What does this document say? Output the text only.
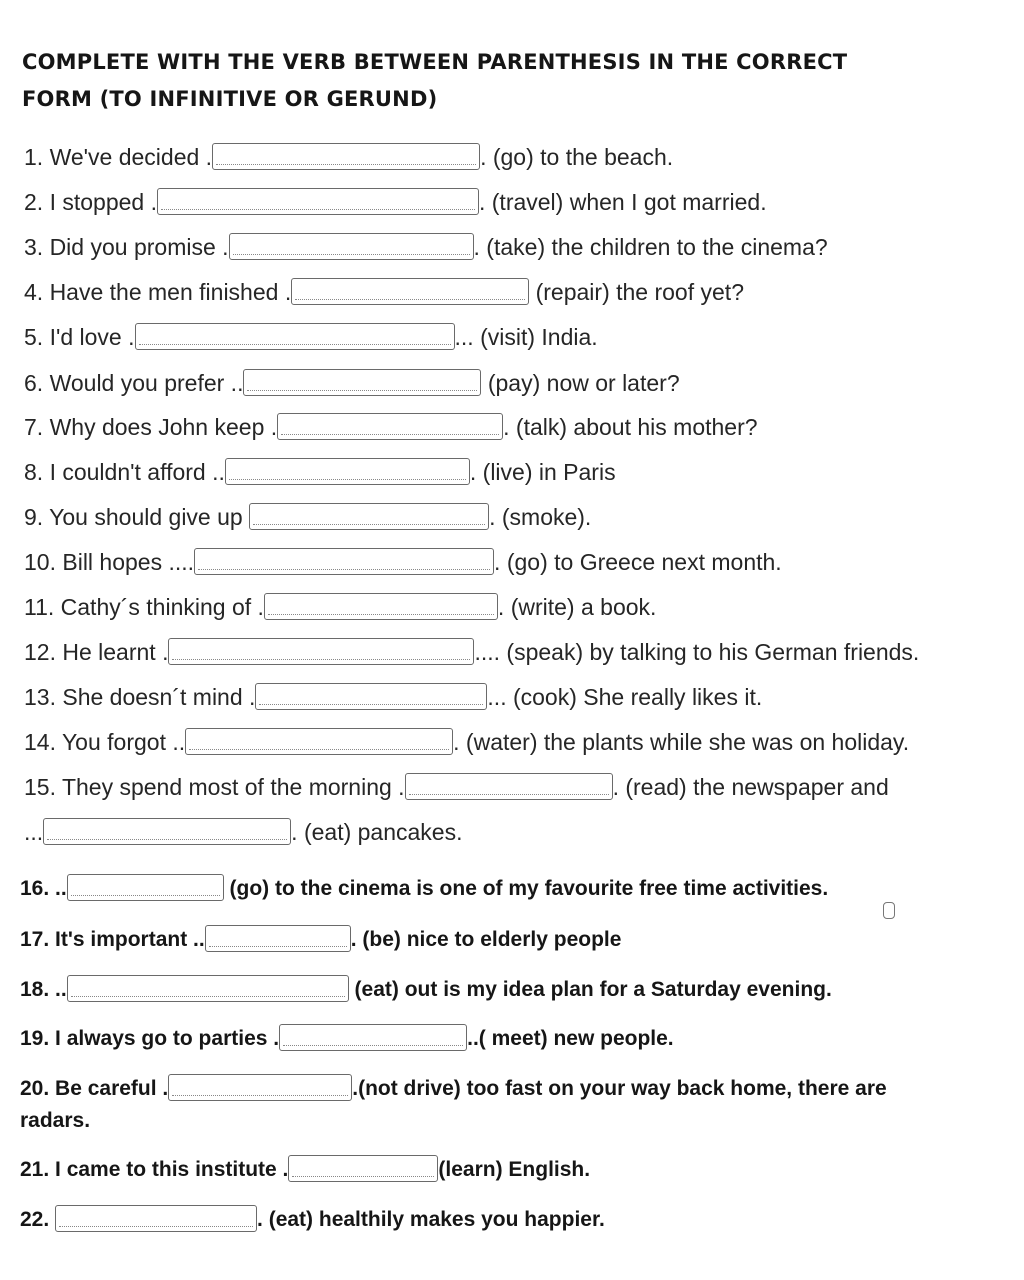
COMPLETE WITH THE VERB BETWEEN PARENTHESIS IN THE CORRECT
FORM (TO INFINITIVE OR GERUND)
1. We've decided .	. (go) to the beach.
2. I stopped .	. (travel) when I got married.
3. Did you promise .	. (take) the children to the cinema?
4. Have the men finished .	(repair) the roof yet?
5. I'd love .	... (visit) India.
6. Would you prefer ..	(pay) now or later?
7. Why does John keep .	. (talk) about his mother?
8. I couldn't afford ..	. (live) in Paris
9. You should give up	. (smoke).
10. Bill hopes ....	. (go) to Greece next month.
11. Cathy´s thinking of .	. (write) a book.
12. He learnt .	.... (speak) by talking to his German friends.
13. She doesn´t mind .	... (cook) She really likes it.
14. You forgot ..	. (water) the plants while she was on holiday.
15. They spend most of the morning .	. (read) the newspaper and
...	. (eat) pancakes.
16. ..	(go) to the cinema is one of my favourite free time activities.
17. It's important ..	. (be) nice to elderly people
18. ..	(eat) out is my idea plan for a Saturday evening.
19. I always go to parties .	..( meet) new people.
20. Be careful .	.(not drive) too fast on your way back home, there are
radars.
21. I came to this institute .	(learn) English.
22.	. (eat) healthily makes you happier.
